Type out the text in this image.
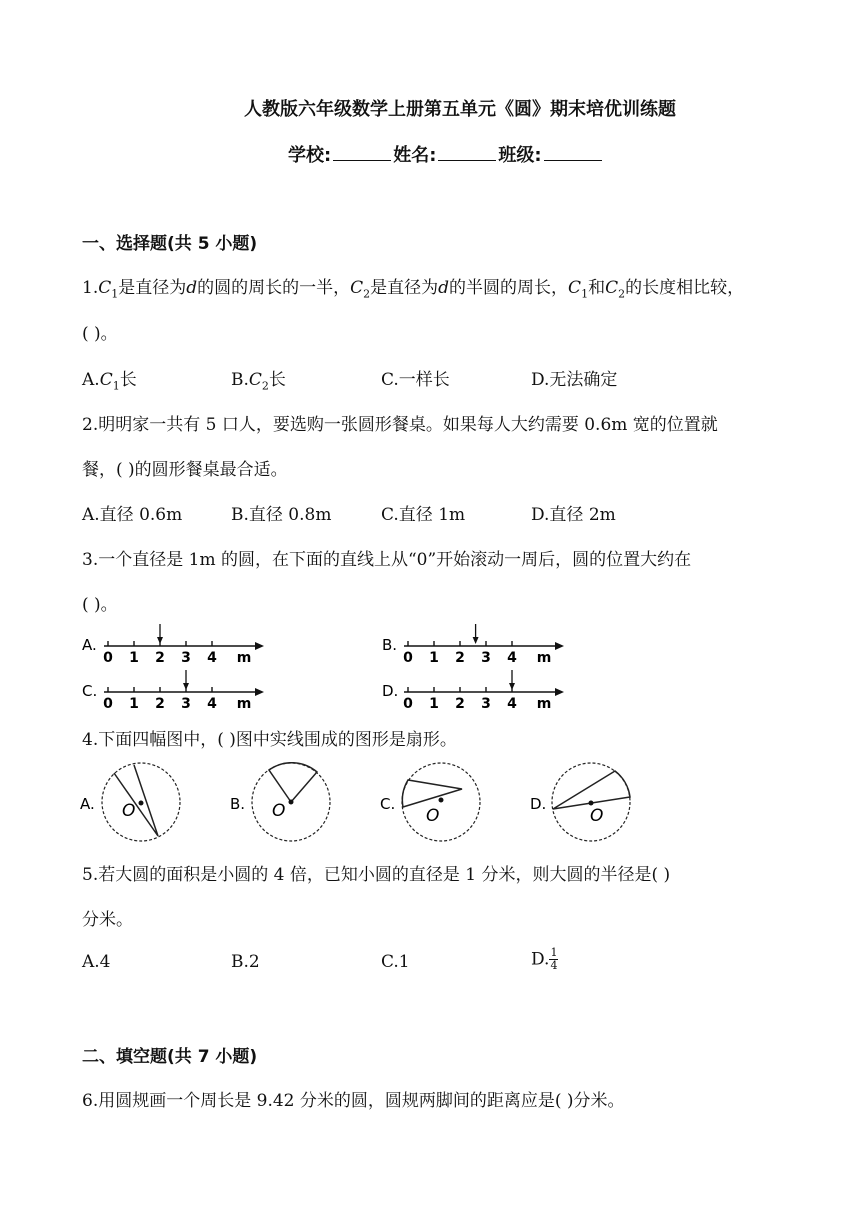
人教版六年级数学上册第五单元《圆》期末培优训练题
学校:	姓名:	班级:
一、选择题(共 5 小题)
$1.C_1$是直径为d的圆的周长的一半，$C_2$是直径为d的半圆的周长，$C_1$和$C_2$的长度相比较，
( )。
$A.C_1$长	$B.C_2$长	C.一样长	D.无法确定
2.明明家一共有 5 口人，要选购一张圆形餐桌。如果每人大约需要 0.6m 宽的位置就
餐，( )的圆形餐桌最合适。
A.直径 0.6m	B.直径 0.8m	C.直径 1m	D.直径 2m
3.一个直径是 1m 的圆，在下面的直线上从“0”开始滚动一周后，圆的位置大约在
( )。
A.
0 1 2 3 4 m
B.
0 1 2 3 4 m
C.
0 1 2 3 4 m
D.
0 1 2 3 4 m
4.下面四幅图中，( )图中实线围成的图形是扇形。
A. O	B. O	C.
O
D.
O
5.若大圆的面积是小圆的 4 倍，已知小圆的直径是 1 分米，则大圆的半径是( )
分米。
A.4	B.2	C.1	D. $\frac{1}{4}$
二、填空题(共 7 小题)
6.用圆规画一个周长是 9.42 分米的圆，圆规两脚间的距离应是( )分米。
